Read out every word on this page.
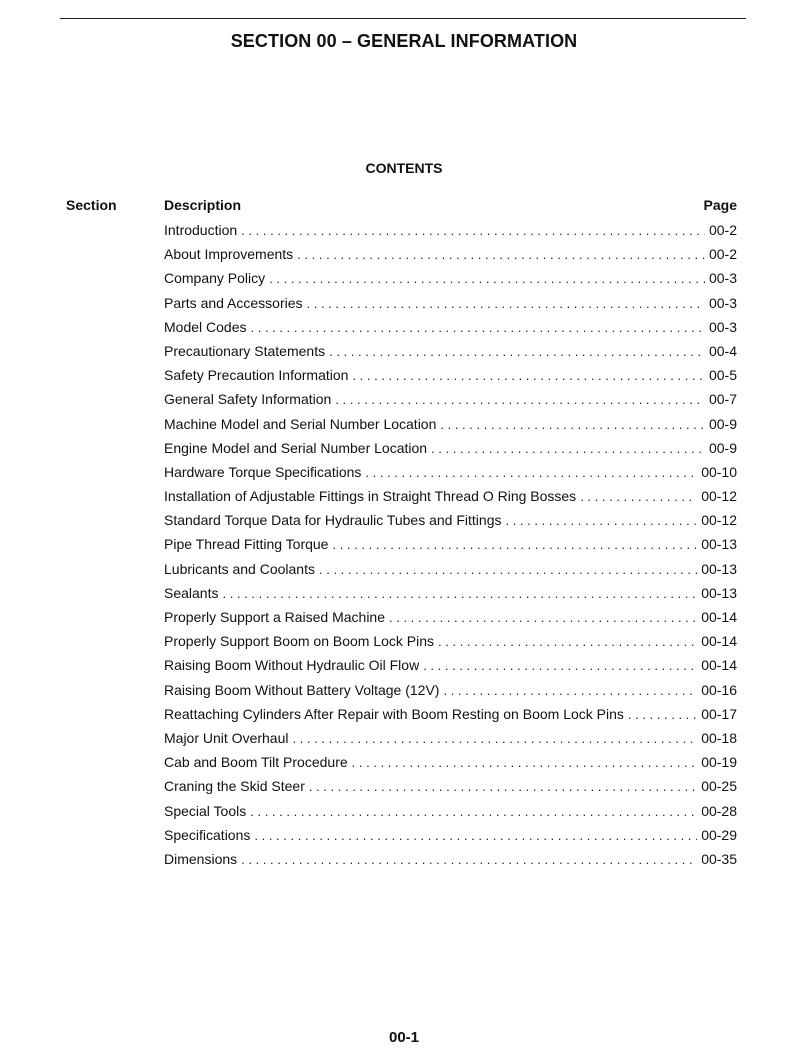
SECTION 00 – GENERAL INFORMATION
CONTENTS
Section	Description	Page
Introduction . . .	00-2
About Improvements . . .	00-2
Company Policy . . .	00-3
Parts and Accessories . . .	00-3
Model Codes . . .	00-3
Precautionary Statements . . .	00-4
Safety Precaution Information . . .	00-5
General Safety Information . . .	00-7
Machine Model and Serial Number Location . . .	00-9
Engine Model and Serial Number Location . . .	00-9
Hardware Torque Specifications . . .	00-10
Installation of Adjustable Fittings in Straight Thread O Ring Bosses . . .	00-12
Standard Torque Data for Hydraulic Tubes and Fittings . . .	00-12
Pipe Thread Fitting Torque . . .	00-13
Lubricants and Coolants . . .	00-13
Sealants . . .	00-13
Properly Support a Raised Machine . . .	00-14
Properly Support Boom on Boom Lock Pins . . .	00-14
Raising Boom Without Hydraulic Oil Flow . . .	00-14
Raising Boom Without Battery Voltage (12V) . . .	00-16
Reattaching Cylinders After Repair with Boom Resting on Boom Lock Pins . . .	00-17
Major Unit Overhaul . . .	00-18
Cab and Boom Tilt Procedure . . .	00-19
Craning the Skid Steer . . .	00-25
Special Tools . . .	00-28
Specifications . . .	00-29
Dimensions . . .	00-35
00-1
